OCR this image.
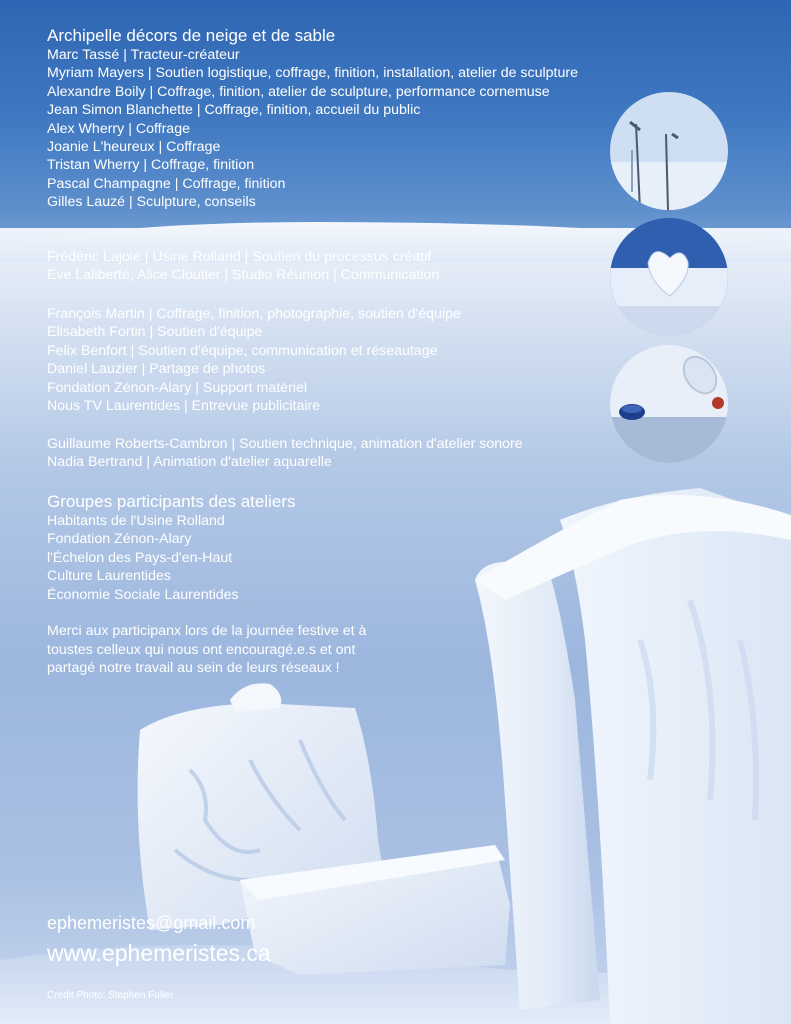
Archipelle décors de neige et de sable
Marc Tassé | Tracteur-créateur
Myriam Mayers | Soutien logistique, coffrage, finition, installation, atelier de sculpture
Alexandre Boily | Coffrage, finition, atelier de sculpture, performance cornemuse
Jean Simon Blanchette | Coffrage, finition, accueil du public
Alex Wherry | Coffrage
Joanie L'heureux | Coffrage
Tristan Wherry | Coffrage, finition
Pascal Champagne | Coffrage, finition
Gilles Lauzé | Sculpture, conseils
Frédéric Lajoie | Usine Rolland | Soutien du processus créatif
Eve Laliberté, Alice Cloutier | Studio Réunion | Communication
François Martin | Coffrage, finition, photographie, soutien d'équipe
Elisabeth Fortin | Soutien d'équipe
Felix Benfort | Soutien d'équipe, communication et réseautage
Daniel Lauzier | Partage de photos
Fondation Zénon-Alary | Support matériel
Nous TV Laurentides | Entrevue publicitaire
Guillaume Roberts-Cambron | Soutien technique, animation d'atelier sonore
Nadia Bertrand | Animation d'atelier aquarelle
Groupes participants des ateliers
Habitants de l'Usine Rolland
Fondation Zénon-Alary
l'Échelon des Pays-d'en-Haut
Culture Laurentides
Économie Sociale Laurentides
Merci aux participanx lors de la journée festive et à toustes celleux qui nous ont encouragé.e.s et ont partagé notre travail au sein de leurs réseaux !
ephemeristes@gmail.com
www.ephemeristes.ca
Credit Photo: Stephen Fuller
